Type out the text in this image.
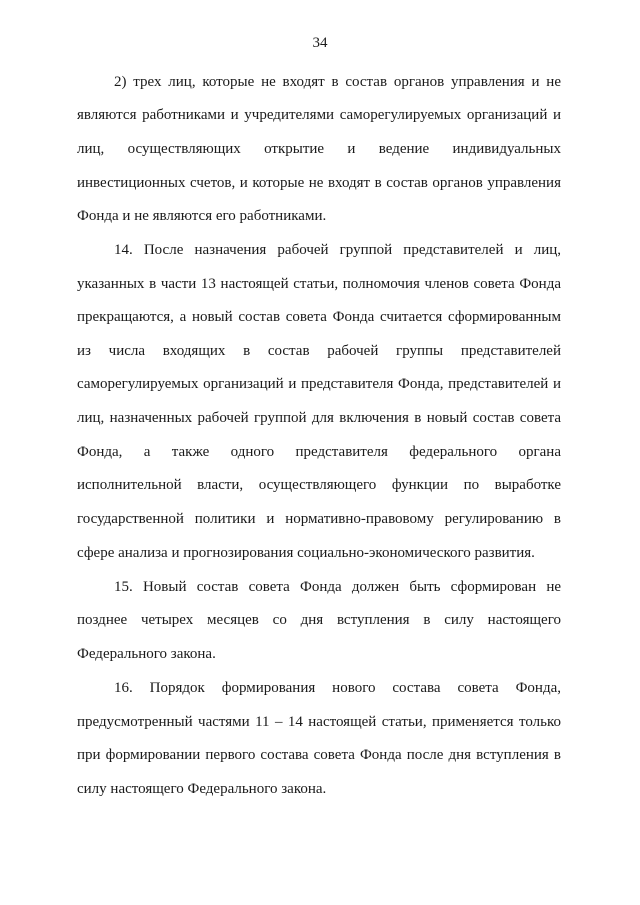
34
2) трех лиц, которые не входят в состав органов управления и не
являются работниками и учредителями саморегулируемых организаций и
лиц, осуществляющих открытие и ведение индивидуальных
инвестиционных счетов, и которые не входят в состав органов управления
Фонда и не являются его работниками.
14. После назначения рабочей группой представителей и лиц,
указанных в части 13 настоящей статьи, полномочия членов совета Фонда
прекращаются, а новый состав совета Фонда считается сформированным
из числа входящих в состав рабочей группы представителей
саморегулируемых организаций и представителя Фонда, представителей и
лиц, назначенных рабочей группой для включения в новый состав совета
Фонда, а также одного представителя федерального органа
исполнительной власти, осуществляющего функции по выработке
государственной политики и нормативно-правовому регулированию в
сфере анализа и прогнозирования социально-экономического развития.
15. Новый состав совета Фонда должен быть сформирован не
позднее четырех месяцев со дня вступления в силу настоящего
Федерального закона.
16. Порядок формирования нового состава совета Фонда,
предусмотренный частями 11 – 14 настоящей статьи, применяется только
при формировании первого состава совета Фонда после дня вступления в
силу настоящего Федерального закона.
